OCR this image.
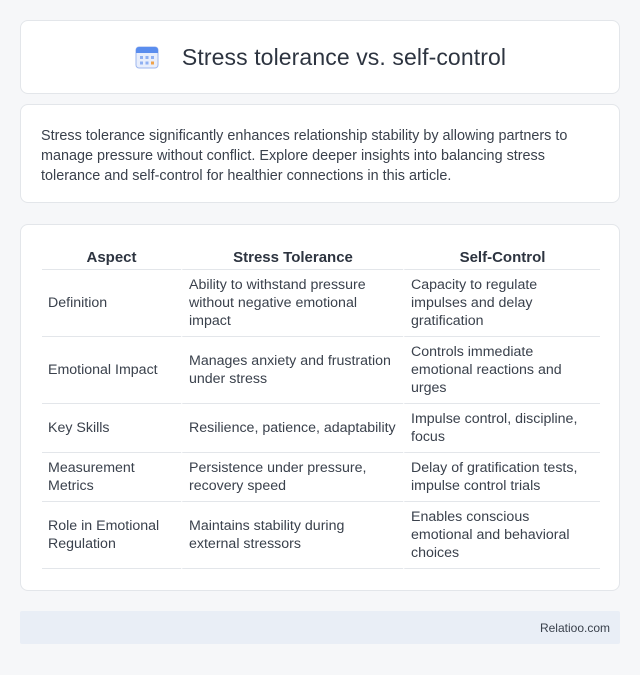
Stress tolerance vs. self-control

Stress tolerance significantly enhances relationship stability by allowing partners to manage pressure without conflict. Explore deeper insights into balancing stress tolerance and self-control for healthier connections in this article.

Aspect	Stress Tolerance	Self-Control
Definition	Ability to withstand pressure without negative emotional impact	Capacity to regulate impulses and delay gratification
Emotional Impact	Manages anxiety and frustration under stress	Controls immediate emotional reactions and urges
Key Skills	Resilience, patience, adaptability	Impulse control, discipline, focus
Measurement Metrics	Persistence under pressure, recovery speed	Delay of gratification tests, impulse control trials
Role in Emotional Regulation	Maintains stability during external stressors	Enables conscious emotional and behavioral choices
Relatioo.com
